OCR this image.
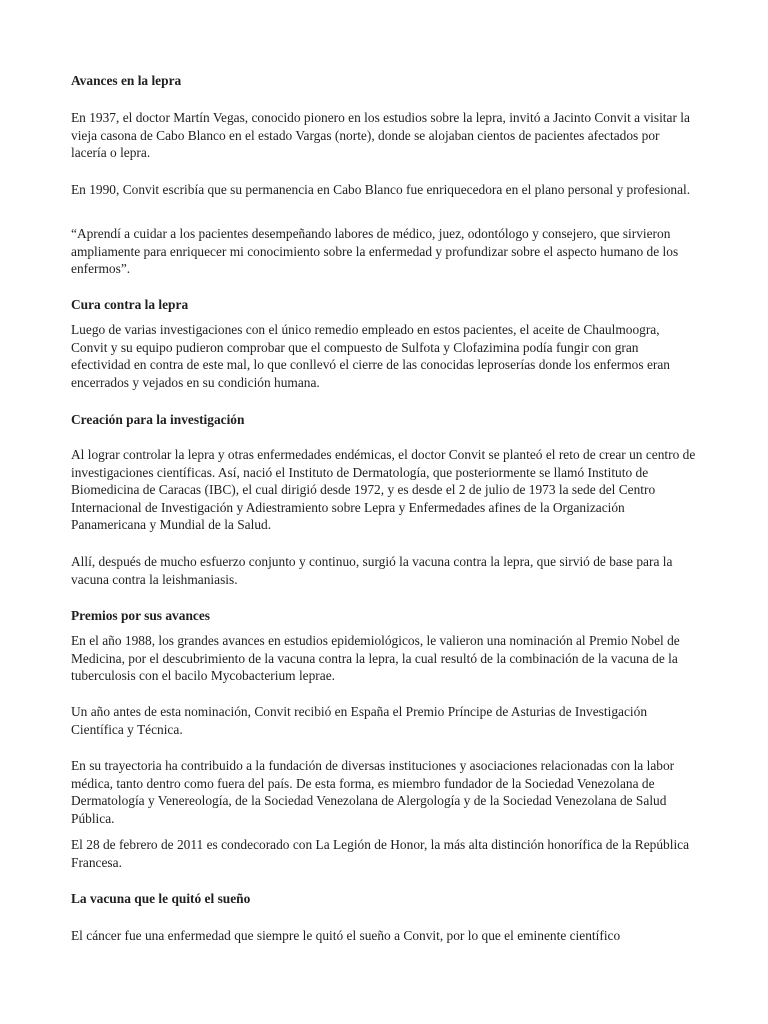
Avances en la lepra

En 1937, el doctor Martín Vegas, conocido pionero en los estudios sobre la lepra, invitó a Jacinto Convit a visitar la vieja casona de Cabo Blanco en el estado Vargas (norte), donde se alojaban cientos de pacientes afectados por lacería o lepra.

En 1990, Convit escribía que su permanencia en Cabo Blanco fue enriquecedora en el plano personal y profesional.

“Aprendí a cuidar a los pacientes desempeñando labores de médico, juez, odontólogo y consejero, que sirvieron ampliamente para enriquecer mi conocimiento sobre la enfermedad y profundizar sobre el aspecto humano de los enfermos”.

Cura contra la lepra

Luego de varias investigaciones con el único remedio empleado en estos pacientes, el aceite de Chaulmoogra, Convit y su equipo pudieron comprobar que el compuesto de Sulfota y Clofazimina podía fungir con gran efectividad en contra de este mal, lo que conllevó el cierre de las conocidas leproserías donde los enfermos eran encerrados y vejados en su condición humana.

Creación para la investigación

Al lograr controlar la lepra y otras enfermedades endémicas, el doctor Convit se planteó el reto de crear un centro de investigaciones científicas. Así, nació el Instituto de Dermatología, que posteriormente se llamó Instituto de Biomedicina de Caracas (IBC), el cual dirigió desde 1972, y es desde el 2 de julio de 1973 la sede del Centro Internacional de Investigación y Adiestramiento sobre Lepra y Enfermedades afines de la Organización Panamericana y Mundial de la Salud.

Allí, después de mucho esfuerzo conjunto y continuo, surgió la vacuna contra la lepra, que sirvió de base para la vacuna contra la leishmaniasis.

Premios por sus avances

En el año 1988, los grandes avances en estudios epidemiológicos, le valieron una nominación al Premio Nobel de Medicina, por el descubrimiento de la vacuna contra la lepra, la cual resultó de la combinación de la vacuna de la tuberculosis con el bacilo Mycobacterium leprae.

Un año antes de esta nominación, Convit recibió en España el Premio Príncipe de Asturias de Investigación Científica y Técnica.

En su trayectoria ha contribuido a la fundación de diversas instituciones y asociaciones relacionadas con la labor médica, tanto dentro como fuera del país. De esta forma, es miembro fundador de la Sociedad Venezolana de Dermatología y Venereología, de la Sociedad Venezolana de Alergología y de la Sociedad Venezolana de Salud Pública.

El 28 de febrero de 2011 es condecorado con La Legión de Honor, la más alta distinción honorífica de la República Francesa.

La vacuna que le quitó el sueño

El cáncer fue una enfermedad que siempre le quitó el sueño a Convit, por lo que el eminente científico
